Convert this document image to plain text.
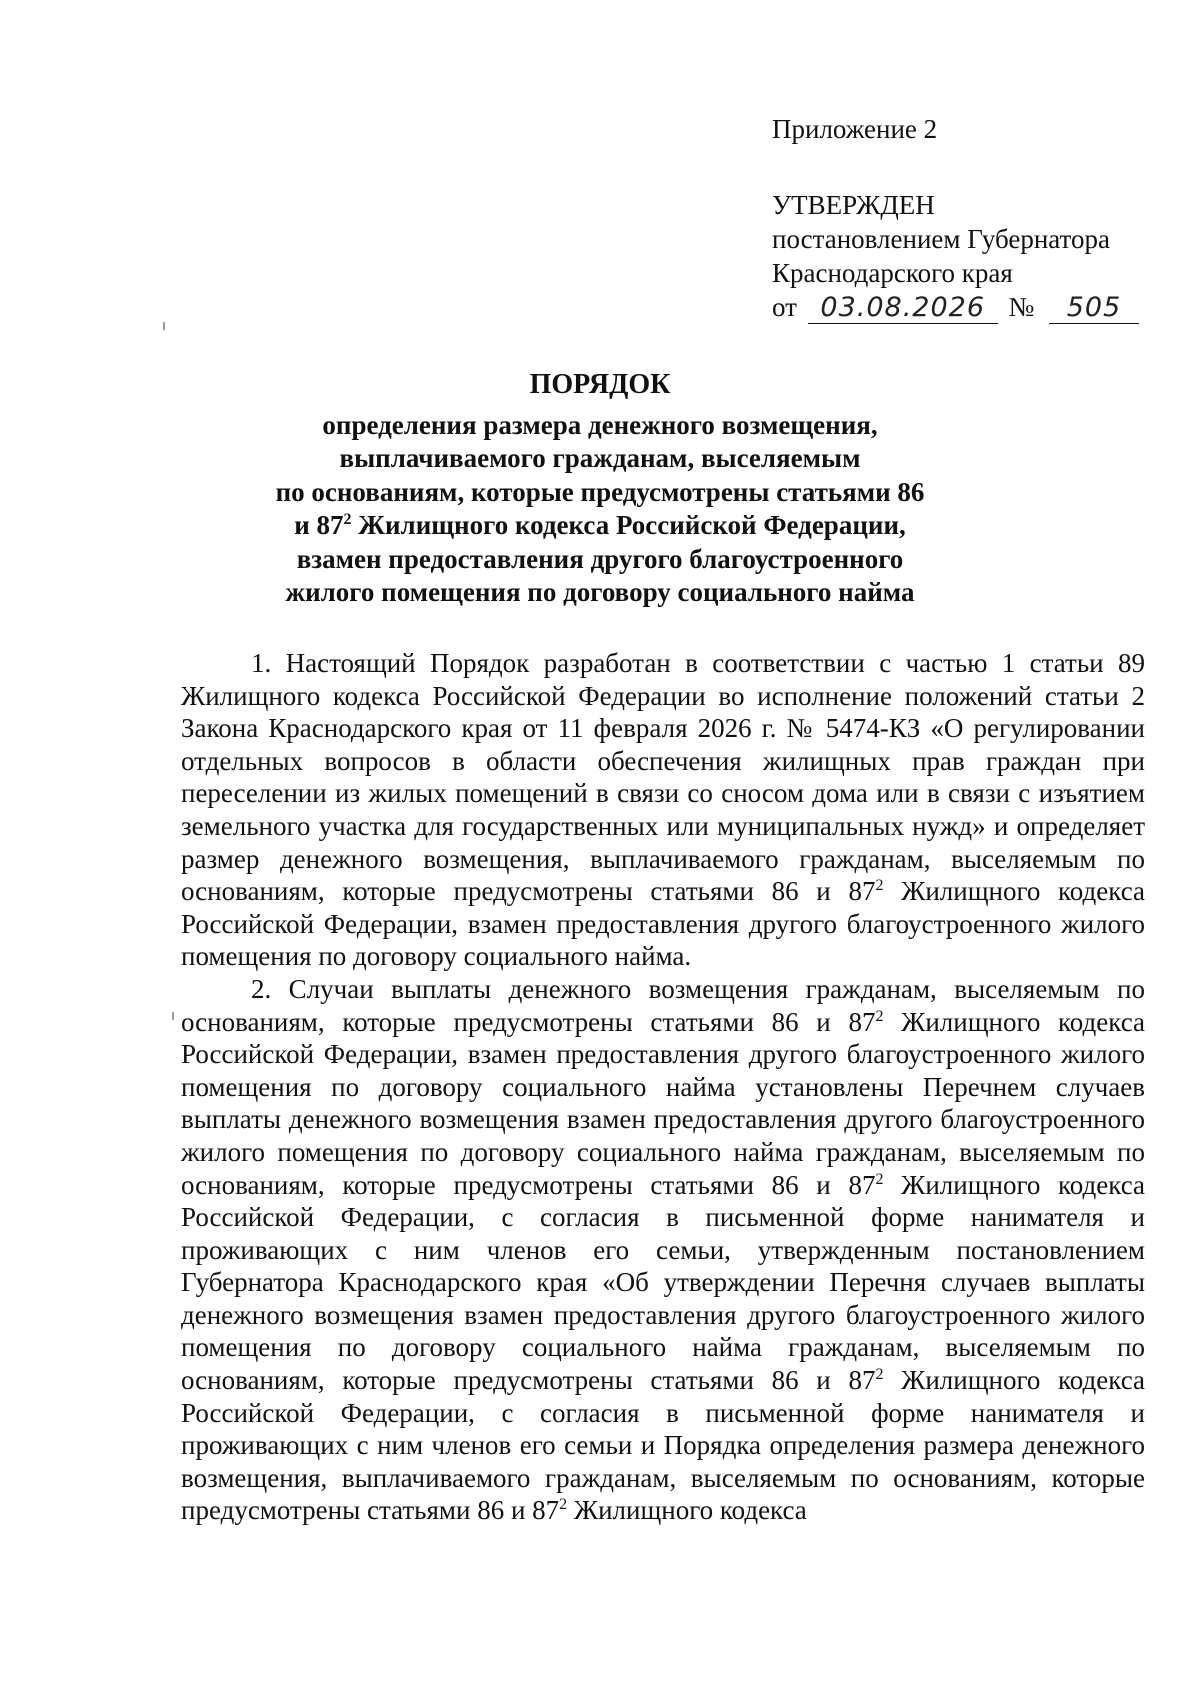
Приложение 2
УТВЕРЖДЕН
постановлением Губернатора
Краснодарского края
от 03.08.2026 № 505
ПОРЯДОК
определения размера денежного возмещения,
выплачиваемого гражданам, выселяемым
по основаниям, которые предусмотрены статьями 86
и $87^2$ Жилищного кодекса Российской Федерации,
взамен предоставления другого благоустроенного
жилого помещения по договору социального найма

1. Настоящий Порядок разработан в соответствии с частью 1 статьи 89 Жилищного кодекса Российской Федерации во исполнение положений статьи 2 Закона Краснодарского края от 11 февраля 2026 г. № 5474-КЗ «О регулировании отдельных вопросов в области обеспечения жилищных прав граждан при переселении из жилых помещений в связи со сносом дома или в связи с изъятием земельного участка для государственных или муниципальных нужд» и определяет размер денежного возмещения, выплачиваемого гражданам, выселяемым по основаниям, которые предусмотрены статьями 86 и $87^2$ Жилищного кодекса Российской Федерации, взамен предоставления другого благоустроенного жилого помещения по договору социального найма.

2. Случаи выплаты денежного возмещения гражданам, выселяемым по основаниям, которые предусмотрены статьями 86 и $87^2$ Жилищного кодекса Российской Федерации, взамен предоставления другого благоустроенного жилого помещения по договору социального найма установлены Перечнем случаев выплаты денежного возмещения взамен предоставления другого благоустроенного жилого помещения по договору социального найма гражданам, выселяемым по основаниям, которые предусмотрены статьями 86 и $87^2$ Жилищного кодекса Российской Федерации, с согласия в письменной форме нанимателя и проживающих с ним членов его семьи, утвержденным постановлением Губернатора Краснодарского края «Об утверждении Перечня случаев выплаты денежного возмещения взамен предоставления другого благоустроенного жилого помещения по договору социального найма гражданам, выселяемым по основаниям, которые предусмотрены статьями 86 и $87^2$ Жилищного кодекса Российской Федерации, с согласия в письменной форме нанимателя и проживающих с ним членов его семьи и Порядка определения размера денежного возмещения, выплачиваемого гражданам, выселяемым по основаниям, которые предусмотрены статьями 86 и $87^2$ Жилищного кодекса
